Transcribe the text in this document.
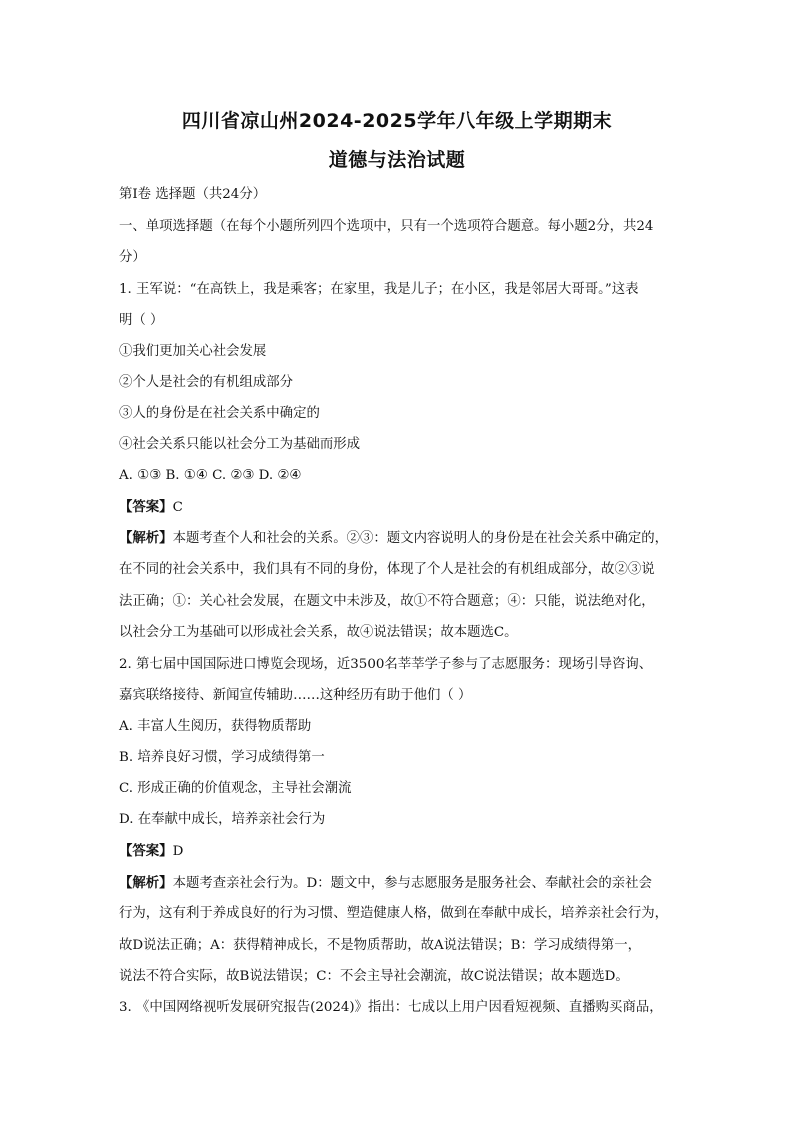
四川省凉山州2024-2025学年八年级上学期期末
道德与法治试题
第Ⅰ卷 选择题（共24分）
一、单项选择题（在每个小题所列四个选项中，只有一个选项符合题意。每小题2分，共24
分）
1. 王军说：“在高铁上，我是乘客；在家里，我是儿子；在小区，我是邻居大哥哥。”这表
明（ ）
①我们更加关心社会发展
②个人是社会的有机组成部分
③人的身份是在社会关系中确定的
④社会关系只能以社会分工为基础而形成
A. ①③ B. ①④ C. ②③ D. ②④
【答案】C
【解析】本题考查个人和社会的关系。②③：题文内容说明人的身份是在社会关系中确定的，
在不同的社会关系中，我们具有不同的身份，体现了个人是社会的有机组成部分，故②③说
法正确；①：关心社会发展，在题文中未涉及，故①不符合题意；④：只能，说法绝对化，
以社会分工为基础可以形成社会关系，故④说法错误；故本题选C。
2. 第七届中国国际进口博览会现场，近3500名莘莘学子参与了志愿服务：现场引导咨询、
嘉宾联络接待、新闻宣传辅助……这种经历有助于他们（ ）
A. 丰富人生阅历，获得物质帮助
B. 培养良好习惯，学习成绩得第一
C. 形成正确的价值观念，主导社会潮流
D. 在奉献中成长，培养亲社会行为
【答案】D
【解析】本题考查亲社会行为。D：题文中，参与志愿服务是服务社会、奉献社会的亲社会
行为，这有利于养成良好的行为习惯、塑造健康人格，做到在奉献中成长，培养亲社会行为，
故D说法正确；A：获得精神成长，不是物质帮助，故A说法错误；B：学习成绩得第一，
说法不符合实际，故B说法错误；C：不会主导社会潮流，故C说法错误；故本题选D。
3. 《中国网络视听发展研究报告(2024)》指出：七成以上用户因看短视频、直播购买商品，
